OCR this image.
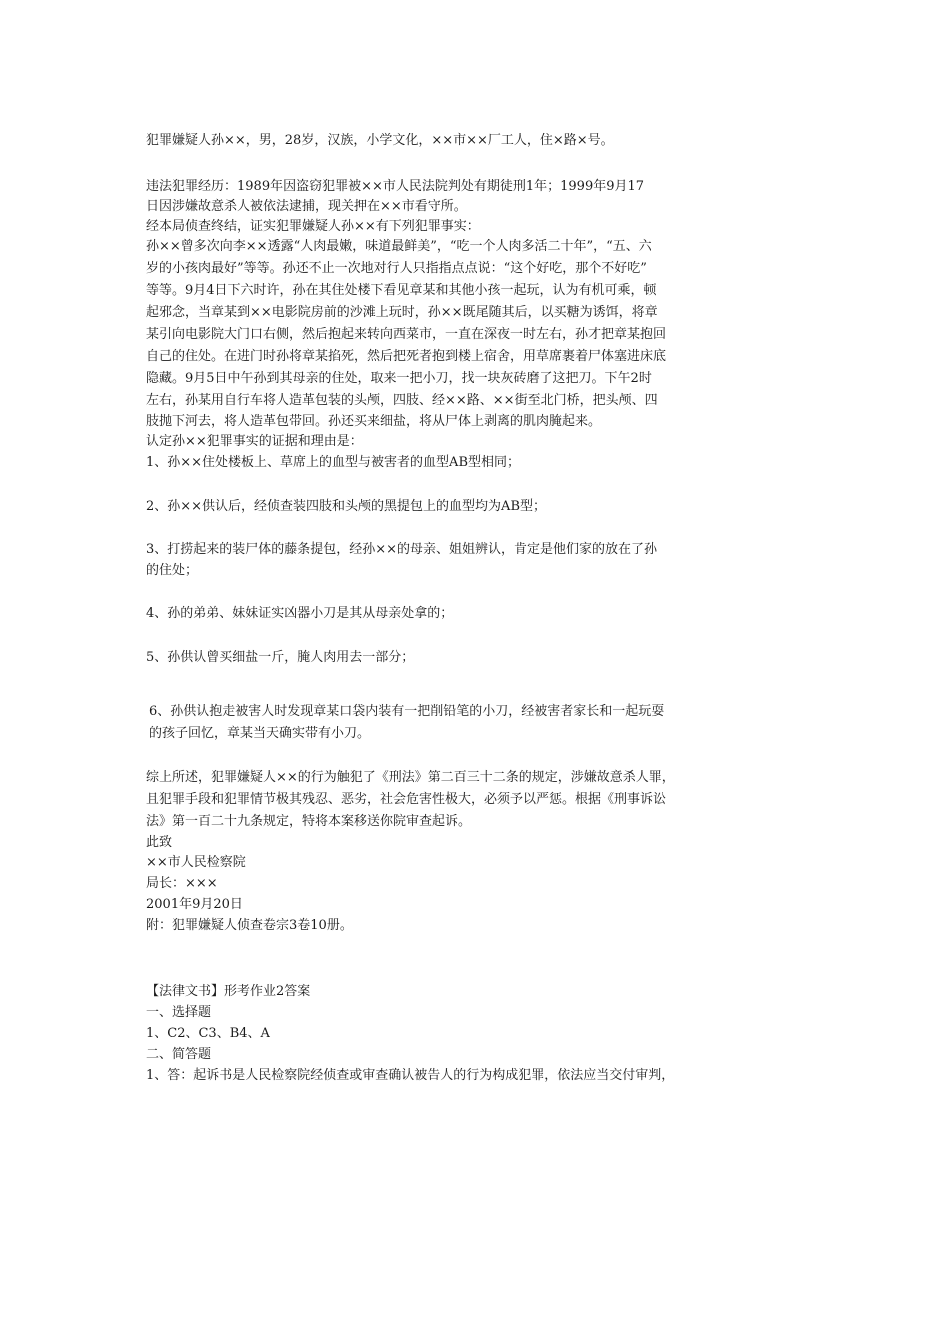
犯罪嫌疑人孙××，男，28岁，汉族，小学文化，××市××厂工人，住×路×号。
违法犯罪经历：1989年因盗窃犯罪被××市人民法院判处有期徒刑1年；1999年9月17
日因涉嫌故意杀人被依法逮捕，现关押在××市看守所。
经本局侦查终结，证实犯罪嫌疑人孙××有下列犯罪事实：
孙××曾多次向李××透露“人肉最嫩，味道最鲜美”，“吃一个人肉多活二十年”，“五、六
岁的小孩肉最好”等等。孙还不止一次地对行人只指指点点说：“这个好吃，那个不好吃”
等等。9月4日下六时许，孙在其住处楼下看见章某和其他小孩一起玩，认为有机可乘，顿
起邪念，当章某到××电影院房前的沙滩上玩时，孙××既尾随其后，以买糖为诱饵，将章
某引向电影院大门口右侧，然后抱起来转向西菜市，一直在深夜一时左右，孙才把章某抱回
自己的住处。在进门时孙将章某掐死，然后把死者抱到楼上宿舍，用草席裹着尸体塞进床底
隐藏。9月5日中午孙到其母亲的住处，取来一把小刀，找一块灰砖磨了这把刀。下午2时
左右，孙某用自行车将人造革包装的头颅，四肢、经××路、××街至北门桥，把头颅、四
肢抛下河去，将人造革包带回。孙还买来细盐，将从尸体上剥离的肌肉腌起来。
认定孙××犯罪事实的证据和理由是：
1、孙××住处楼板上、草席上的血型与被害者的血型AB型相同；
2、孙××供认后，经侦查装四肢和头颅的黑提包上的血型均为AB型；
3、打捞起来的装尸体的藤条提包，经孙××的母亲、姐姐辨认，肯定是他们家的放在了孙
的住处；
4、孙的弟弟、妹妹证实凶器小刀是其从母亲处拿的；
5、孙供认曾买细盐一斤，腌人肉用去一部分；
6、孙供认抱走被害人时发现章某口袋内装有一把削铅笔的小刀，经被害者家长和一起玩耍
的孩子回忆，章某当天确实带有小刀。
综上所述，犯罪嫌疑人××的行为触犯了《刑法》第二百三十二条的规定，涉嫌故意杀人罪，
且犯罪手段和犯罪情节极其残忍、恶劣，社会危害性极大，必须予以严惩。根据《刑事诉讼
法》第一百二十九条规定，特将本案移送你院审查起诉。
此致
××市人民检察院
局长：×××
2001年9月20日
附：犯罪嫌疑人侦查卷宗3卷10册。
【法律文书】形考作业2答案
一、选择题
1、C2、C3、B4、A
二、简答题
1、答：起诉书是人民检察院经侦查或审查确认被告人的行为构成犯罪，依法应当交付审判，
